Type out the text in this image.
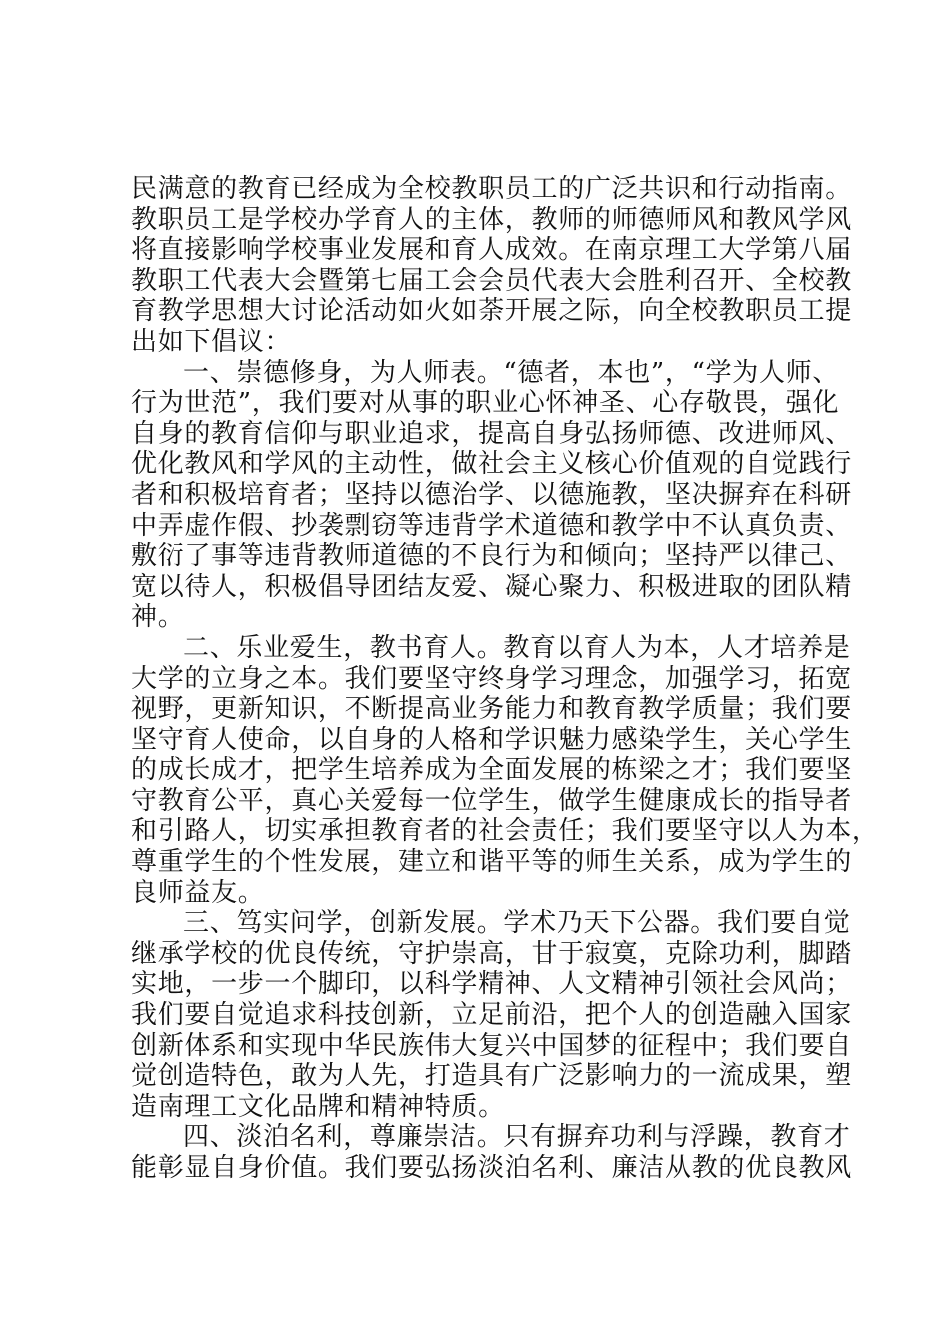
民满意的教育已经成为全校教职员工的广泛共识和行动指南。
教职员工是学校办学育人的主体，教师的师德师风和教风学风
将直接影响学校事业发展和育人成效。在南京理工大学第八届
教职工代表大会暨第七届工会会员代表大会胜利召开、全校教
育教学思想大讨论活动如火如荼开展之际，向全校教职员工提
出如下倡议：
一、崇德修身，为人师表。“德者，本也”，“学为人师、
行为世范”，我们要对从事的职业心怀神圣、心存敬畏，强化
自身的教育信仰与职业追求，提高自身弘扬师德、改进师风、
优化教风和学风的主动性，做社会主义核心价值观的自觉践行
者和积极培育者；坚持以德治学、以德施教，坚决摒弃在科研
中弄虚作假、抄袭剽窃等违背学术道德和教学中不认真负责、
敷衍了事等违背教师道德的不良行为和倾向；坚持严以律己、
宽以待人，积极倡导团结友爱、凝心聚力、积极进取的团队精
神。
二、乐业爱生，教书育人。教育以育人为本，人才培养是
大学的立身之本。我们要坚守终身学习理念，加强学习，拓宽
视野，更新知识，不断提高业务能力和教育教学质量；我们要
坚守育人使命，以自身的人格和学识魅力感染学生，关心学生
的成长成才，把学生培养成为全面发展的栋梁之才；我们要坚
守教育公平，真心关爱每一位学生，做学生健康成长的指导者
和引路人，切实承担教育者的社会责任；我们要坚守以人为本，
尊重学生的个性发展，建立和谐平等的师生关系，成为学生的
良师益友。
三、笃实问学，创新发展。学术乃天下公器。我们要自觉
继承学校的优良传统，守护崇高，甘于寂寞，克除功利，脚踏
实地，一步一个脚印，以科学精神、人文精神引领社会风尚；
我们要自觉追求科技创新，立足前沿，把个人的创造融入国家
创新体系和实现中华民族伟大复兴中国梦的征程中；我们要自
觉创造特色，敢为人先，打造具有广泛影响力的一流成果，塑
造南理工文化品牌和精神特质。
四、淡泊名利，尊廉崇洁。只有摒弃功利与浮躁，教育才
能彰显自身价值。我们要弘扬淡泊名利、廉洁从教的优良教风
